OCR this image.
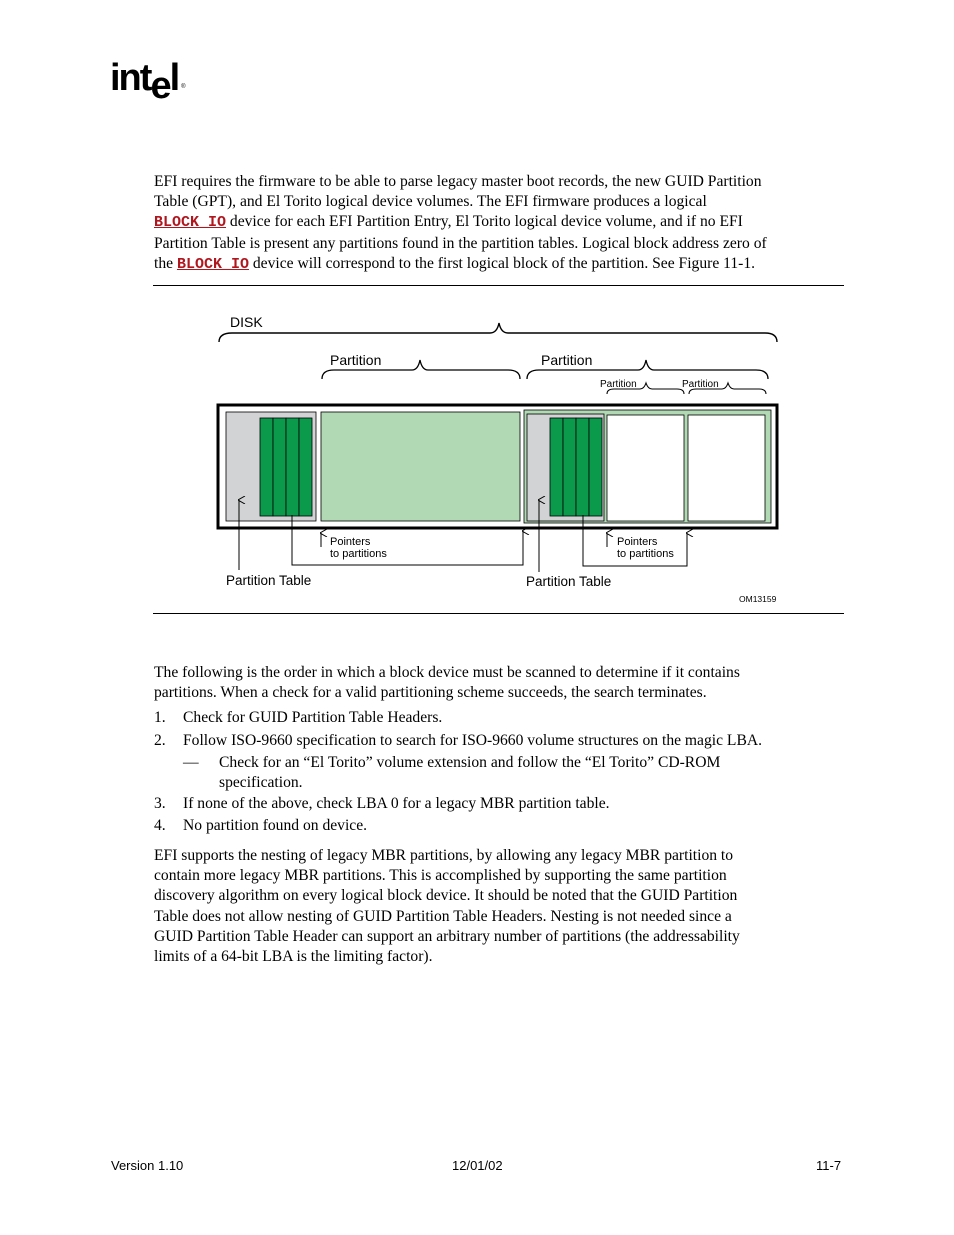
intel ®
EFI requires the firmware to be able to parse legacy master boot records, the new GUID Partition
Table (GPT), and El Torito logical device volumes. The EFI firmware produces a logical
BLOCK_IO device for each EFI Partition Entry, El Torito logical device volume, and if no EFI
Partition Table is present any partitions found in the partition tables. Logical block address zero of
the BLOCK_IO device will correspond to the first logical block of the partition. See Figure 11-1.
DISK
Partition	Partition
Partition	Partition
Partition Table
Pointers
to partitions
Partition Table
Pointers
to partitions
OM13159
The following is the order in which a block device must be scanned to determine if it contains
partitions. When a check for a valid partitioning scheme succeeds, the search terminates.
1. Check for GUID Partition Table Headers.
2. Follow ISO-9660 specification to search for ISO-9660 volume structures on the magic LBA.
— Check for an “El Torito” volume extension and follow the “El Torito” CD-ROM
specification.
3. If none of the above, check LBA 0 for a legacy MBR partition table.
4. No partition found on device.
EFI supports the nesting of legacy MBR partitions, by allowing any legacy MBR partition to
contain more legacy MBR partitions. This is accomplished by supporting the same partition
discovery algorithm on every logical block device. It should be noted that the GUID Partition
Table does not allow nesting of GUID Partition Table Headers. Nesting is not needed since a
GUID Partition Table Header can support an arbitrary number of partitions (the addressability
limits of a 64-bit LBA is the limiting factor).
Version 1.10	12/01/02	11-7
